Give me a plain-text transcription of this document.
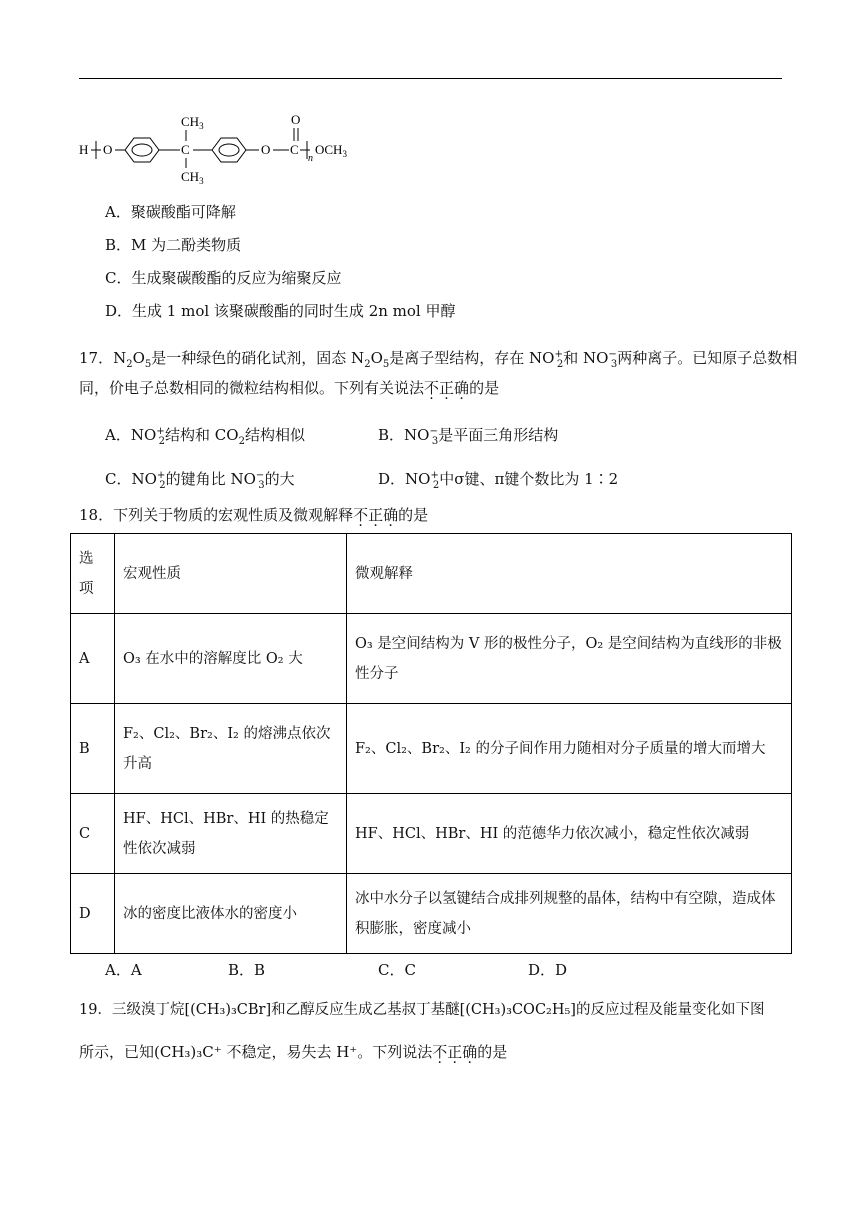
H O	C
$CH_3$
$CH_3$
O C
O
n
$OCH_3$
A．聚碳酸酯可降解
B．M 为二酚类物质
C．生成聚碳酸酯的反应为缩聚反应
D．生成 1 mol 该聚碳酸酯的同时生成 2n mol 甲醇
17．$N_2O_5$是一种绿色的硝化试剂，固态 $N_2O_5$是离子型结构，存在 $NO^+_2$和 $NO^-_3$两种离子。已知原子总数相
同，价电子总数相同的微粒结构相似。下列有关说法不正确的是
A．$NO^+_2$结构和 $CO_2$结构相似	B．$NO^-_3$是平面三角形结构
C．$NO^+_2$的键角比 $NO^-_3$的大	D．$NO^+_2$中σ键、π键个数比为 1∶2
18．下列关于物质的宏观性质及微观解释不正确的是
选项	宏观性质	微观解释
A	O₃ 在水中的溶解度比 O₂ 大	O₃ 是空间结构为 V 形的极性分子，O₂ 是空间结构为直线形的非极性分子
B	F₂、Cl₂、Br₂、I₂ 的熔沸点依次升高	F₂、Cl₂、Br₂、I₂ 的分子间作用力随相对分子质量的增大而增大
C	HF、HCl、HBr、HI 的热稳定性依次减弱	HF、HCl、HBr、HI 的范德华力依次减小，稳定性依次减弱
D	冰的密度比液体水的密度小	冰中水分子以氢键结合成排列规整的晶体，结构中有空隙，造成体积膨胀，密度减小
A．A	B．B	C．C	D．D
19．三级溴丁烷[(CH₃)₃CBr]和乙醇反应生成乙基叔丁基醚[(CH₃)₃COC₂H₅]的反应过程及能量变化如下图
所示，已知(CH₃)₃C⁺ 不稳定，易失去 H⁺。下列说法不正确的是
